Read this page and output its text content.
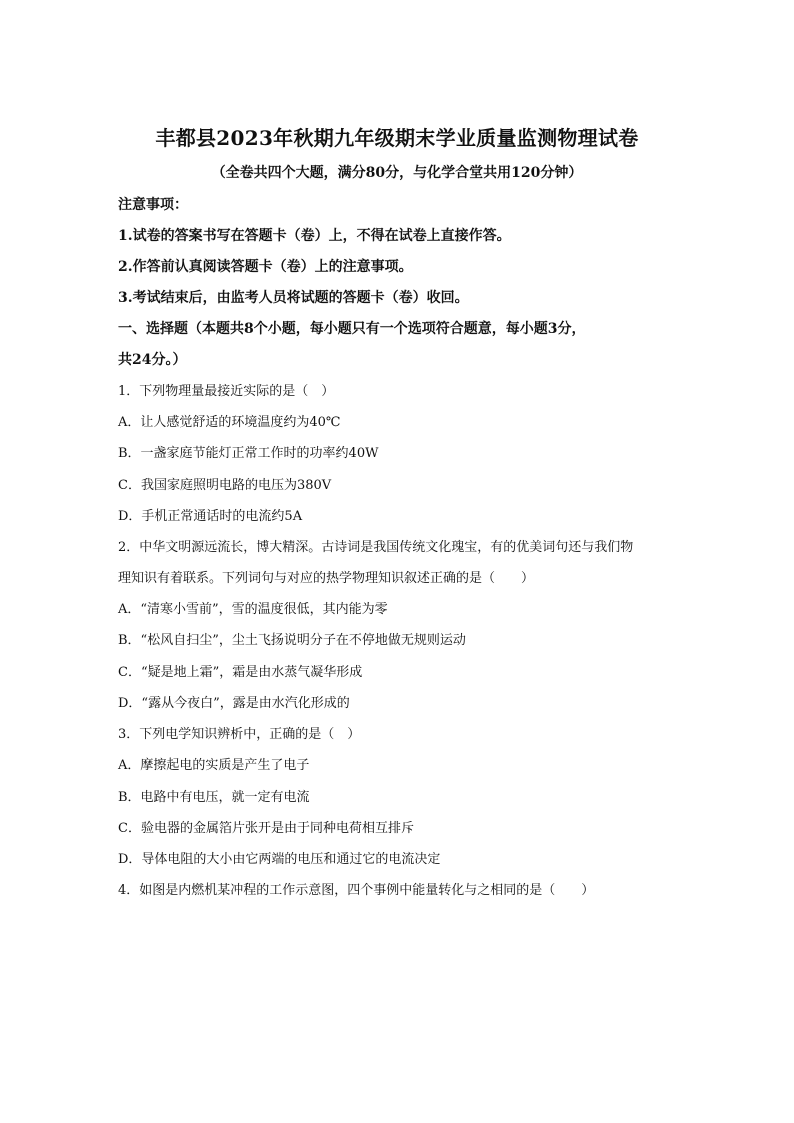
丰都县2023年秋期九年级期末学业质量监测物理试卷
（全卷共四个大题，满分80分，与化学合堂共用120分钟）
注意事项：
1.试卷的答案书写在答题卡（卷）上，不得在试卷上直接作答。
2.作答前认真阅读答题卡（卷）上的注意事项。
3.考试结束后，由监考人员将试题的答题卡（卷）收回。
一、选择题（本题共8个小题，每小题只有一个选项符合题意，每小题3分，
共24分。）
1．下列物理量最接近实际的是（　）
A．让人感觉舒适的环境温度约为40℃
B．一盏家庭节能灯正常工作时的功率约40W
C．我国家庭照明电路的电压为380V
D．手机正常通话时的电流约5A
2．中华文明源远流长，博大精深。古诗词是我国传统文化瑰宝，有的优美词句还与我们物
理知识有着联系。下列词句与对应的热学物理知识叙述正确的是（　　）
A．“清寒小雪前”，雪的温度很低，其内能为零
B．“松风自扫尘”，尘土飞扬说明分子在不停地做无规则运动
C．“疑是地上霜”，霜是由水蒸气凝华形成
D．“露从今夜白”，露是由水汽化形成的
3．下列电学知识辨析中，正确的是（　）
A．摩擦起电的实质是产生了电子
B．电路中有电压，就一定有电流
C．验电器的金属箔片张开是由于同种电荷相互排斥
D．导体电阻的大小由它两端的电压和通过它的电流决定
4．如图是内燃机某冲程的工作示意图，四个事例中能量转化与之相同的是（　　）
